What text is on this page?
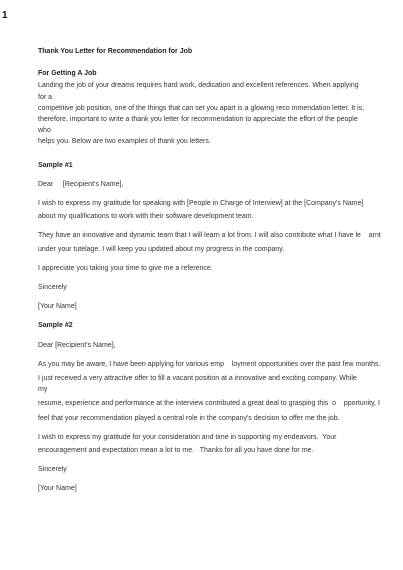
1

Thank You Letter for Recommendation for Job

For Getting A Job

Landing the job of your dreams requires hard work, dedication and excellent references. When applying for a

competitive job position, one of the things that can set you apart is a glowing reco mmendation letter. It is,

therefore, important to write a thank you letter for recommendation to appreciate the effort of the people who

helps you. Below are two examples of thank you letters.

Sample #1

Dear     [Recipient's Name],

I wish to express my gratitude for speaking with [People in Charge of Interview] at the [Company's Name]

about my qualifications to work with their software development team.

They have an innovative and dynamic team that I will learn a lot from. I will also contribute what I have le    arnt

under your tutelage. I will keep you updated about my progress in the company.

I appreciate you taking your time to give me a reference.

Sincerely

[Your Name]

Sample #2

Dear [Recipient's Name],

As you may be aware, I have been applying for various emp    loyment opportunities over the past few months.

I just received a very attractive offer to fill a vacant position at a innovative and exciting company. While my

resume, experience and performance at the interview contributed a great deal to grasping this  o    pportunity, I

feel that your recommendation played a central role in the company's decision to offer me the job.

I wish to express my gratitude for your consideration and time in supporting my endeavors.  Your

encouragement and expectation mean a lot to me.   Thanks for all you have done for me.

Sincerely

[Your Name]
